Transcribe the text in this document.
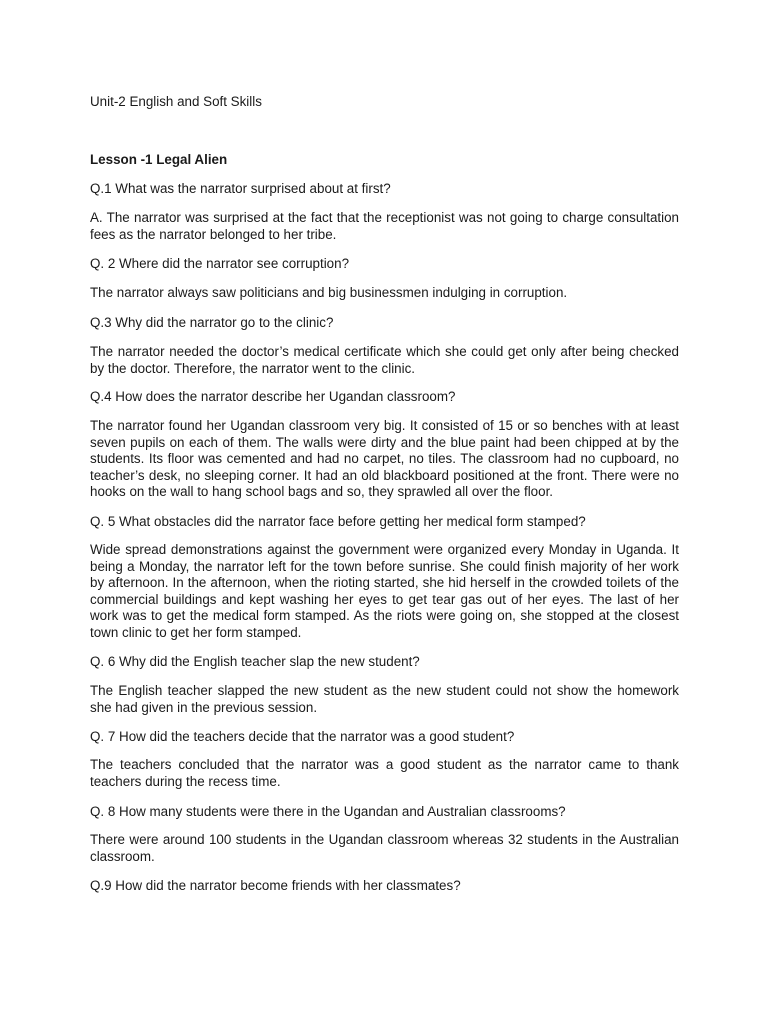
Unit-2 English and Soft Skills

Lesson -1 Legal Alien

Q.1 What was the narrator surprised about at first?

A. The narrator was surprised at the fact that the receptionist was not going to charge consultation fees as the narrator belonged to her tribe.

Q. 2 Where did the narrator see corruption?

The narrator always saw politicians and big businessmen indulging in corruption.

Q.3 Why did the narrator go to the clinic?

The narrator needed the doctor’s medical certificate which she could get only after being checked by the doctor. Therefore, the narrator went to the clinic.

Q.4 How does the narrator describe her Ugandan classroom?

The narrator found her Ugandan classroom very big. It consisted of 15 or so benches with at least seven pupils on each of them. The walls were dirty and the blue paint had been chipped at by the students. Its floor was cemented and had no carpet, no tiles. The classroom had no cupboard, no teacher’s desk, no sleeping corner. It had an old blackboard positioned at the front. There were no hooks on the wall to hang school bags and so, they sprawled all over the floor.

Q. 5 What obstacles did the narrator face before getting her medical form stamped?

Wide spread demonstrations against the government were organized every Monday in Uganda. It being a Monday, the narrator left for the town before sunrise. She could finish majority of her work by afternoon. In the afternoon, when the rioting started, she hid herself in the crowded toilets of the commercial buildings and kept washing her eyes to get tear gas out of her eyes. The last of her work was to get the medical form stamped. As the riots were going on, she stopped at the closest town clinic to get her form stamped.

Q. 6 Why did the English teacher slap the new student?

The English teacher slapped the new student as the new student could not show the homework she had given in the previous session.

Q. 7 How did the teachers decide that the narrator was a good student?

The teachers concluded that the narrator was a good student as the narrator came to thank teachers during the recess time.

Q. 8 How many students were there in the Ugandan and Australian classrooms?

There were around 100 students in the Ugandan classroom whereas 32 students in the Australian classroom.

Q.9 How did the narrator become friends with her classmates?
